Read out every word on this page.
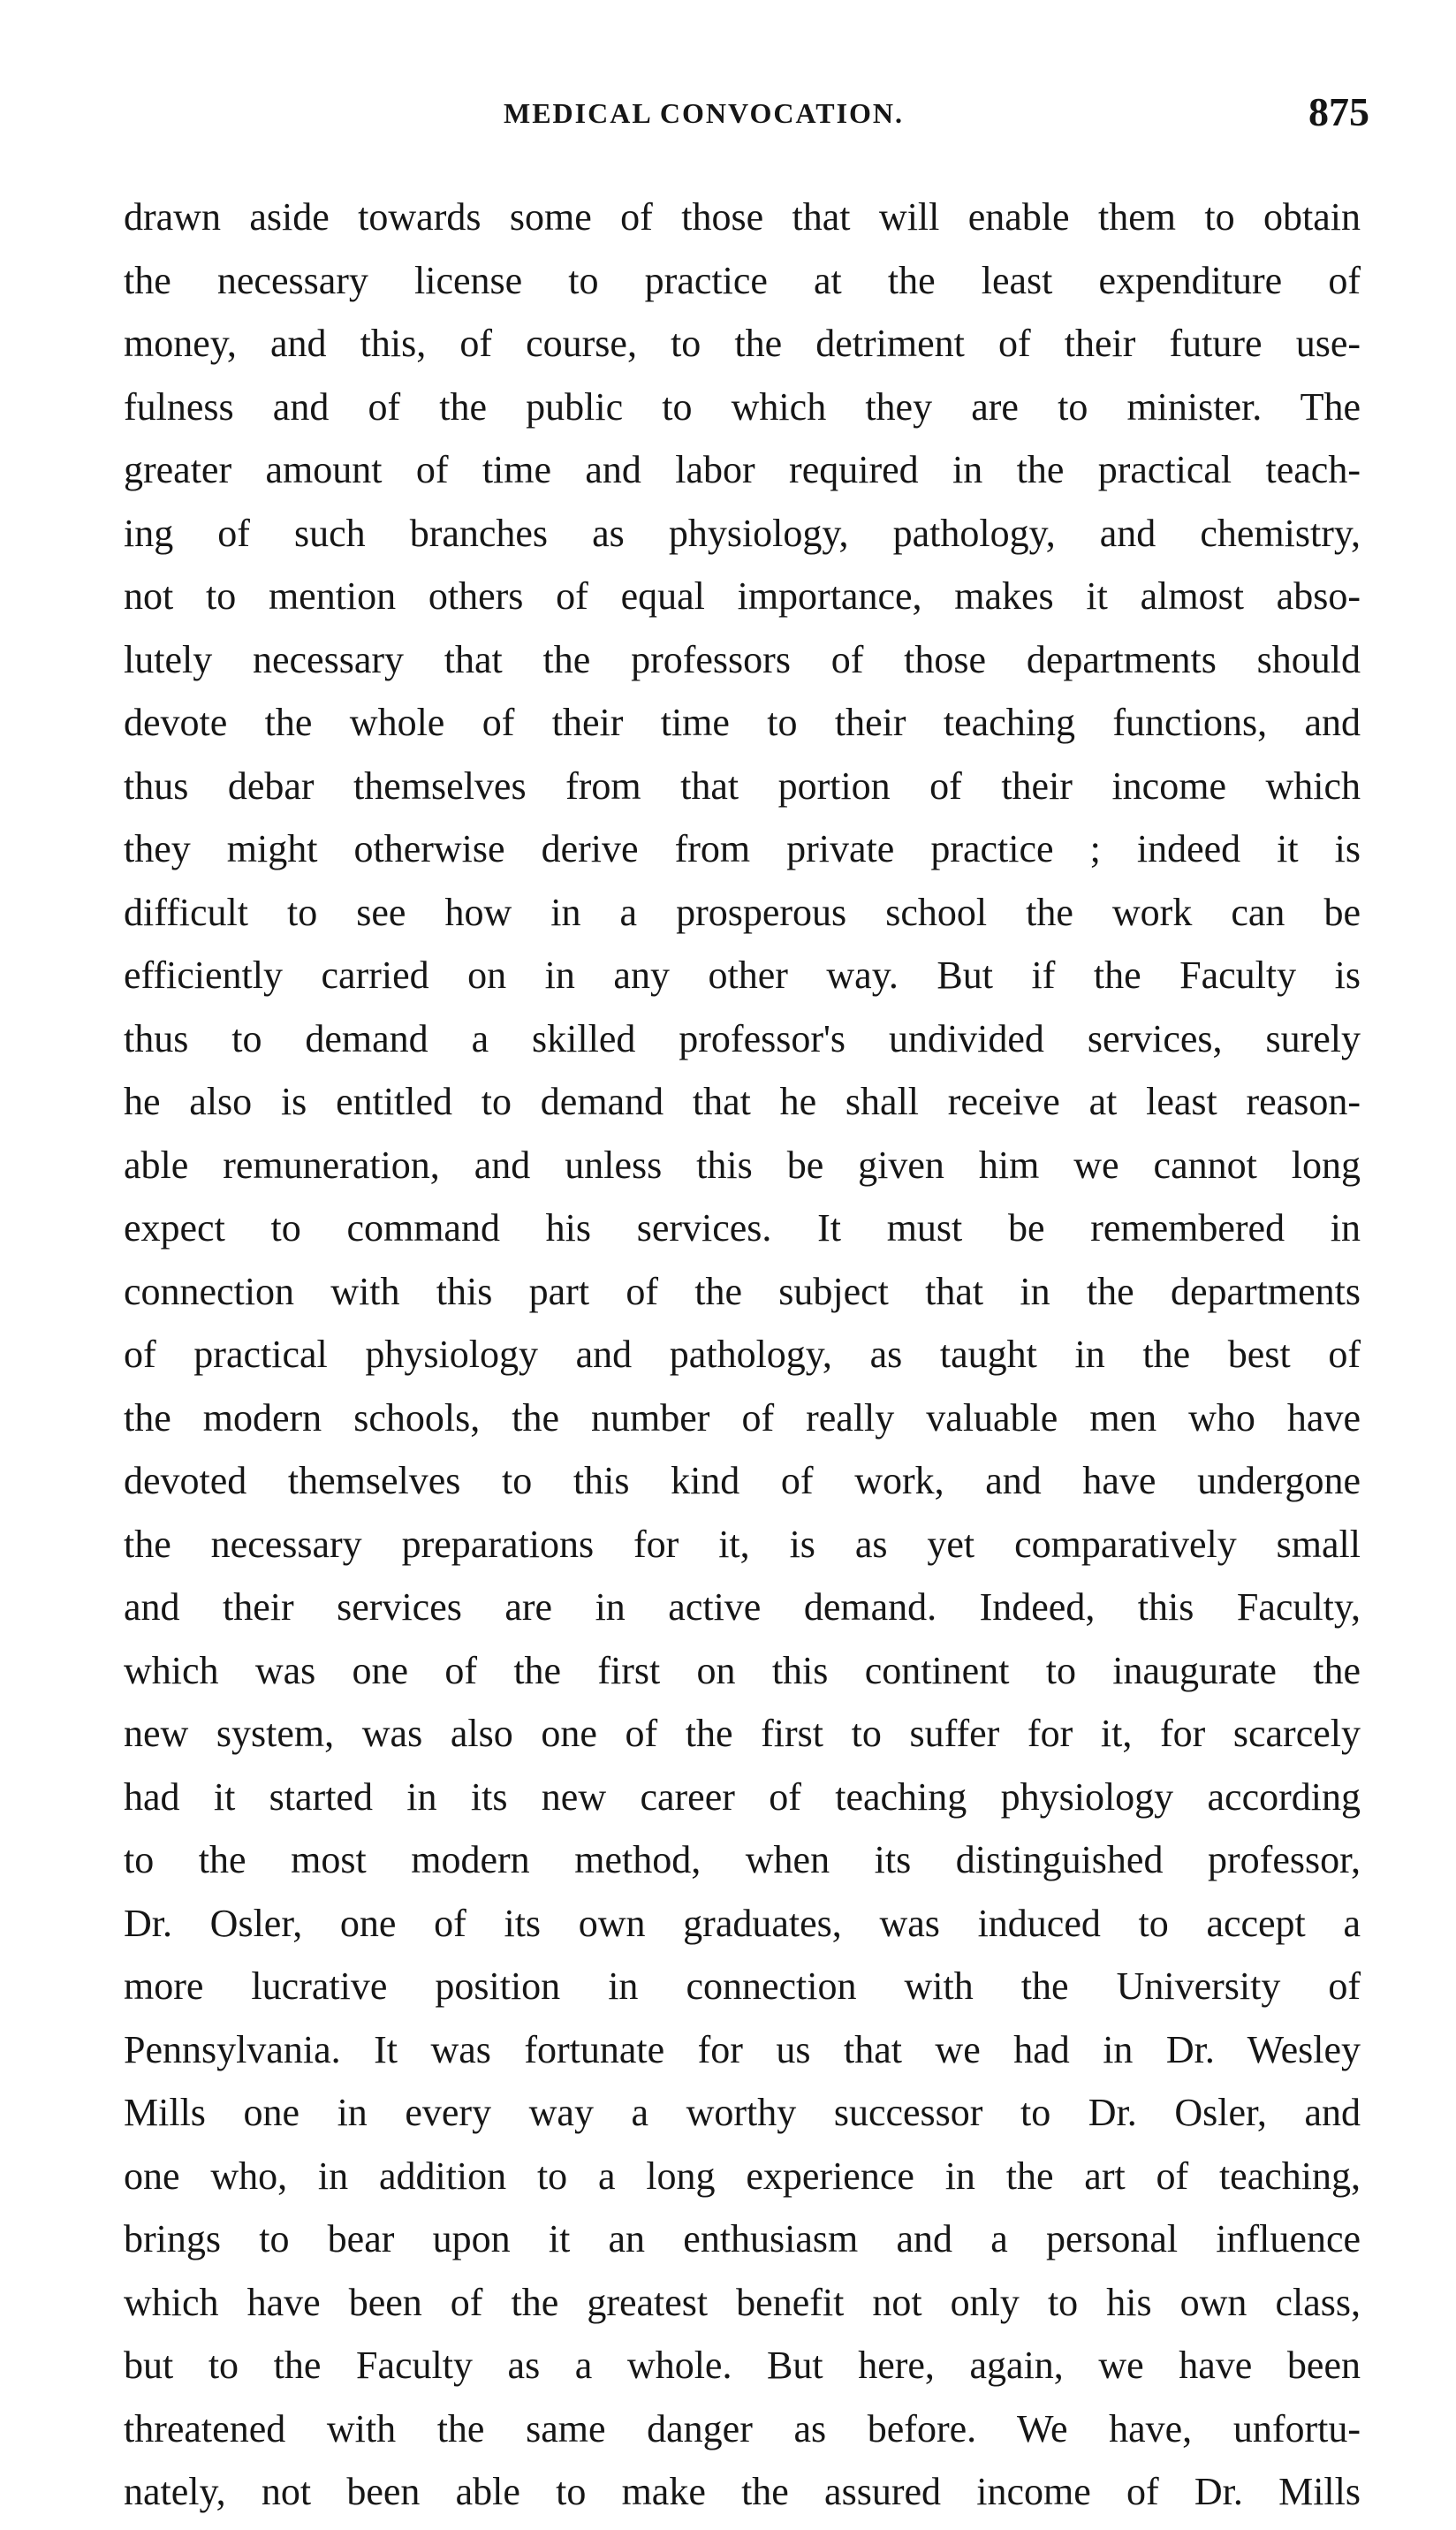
MEDICAL CONVOCATION.	875
drawn aside towards some of those that will enable them to obtain
the necessary license to practice at the least expenditure of
money, and this, of course, to the detriment of their future use-
fulness and of the public to which they are to minister. The
greater amount of time and labor required in the practical teach-
ing of such branches as physiology, pathology, and chemistry,
not to mention others of equal importance, makes it almost abso-
lutely necessary that the professors of those departments should
devote the whole of their time to their teaching functions, and
thus debar themselves from that portion of their income which
they might otherwise derive from private practice ; indeed it is
difficult to see how in a prosperous school the work can be
efficiently carried on in any other way. But if the Faculty is
thus to demand a skilled professor's undivided services, surely
he also is entitled to demand that he shall receive at least reason-
able remuneration, and unless this be given him we cannot long
expect to command his services. It must be remembered in
connection with this part of the subject that in the departments
of practical physiology and pathology, as taught in the best of
the modern schools, the number of really valuable men who have
devoted themselves to this kind of work, and have undergone
the necessary preparations for it, is as yet comparatively small
and their services are in active demand. Indeed, this Faculty,
which was one of the first on this continent to inaugurate the
new system, was also one of the first to suffer for it, for scarcely
had it started in its new career of teaching physiology according
to the most modern method, when its distinguished professor,
Dr. Osler, one of its own graduates, was induced to accept a
more lucrative position in connection with the University of
Pennsylvania. It was fortunate for us that we had in Dr. Wesley
Mills one in every way a worthy successor to Dr. Osler, and
one who, in addition to a long experience in the art of teaching,
brings to bear upon it an enthusiasm and a personal influence
which have been of the greatest benefit not only to his own class,
but to the Faculty as a whole. But here, again, we have been
threatened with the same danger as before. We have, unfortu-
nately, not been able to make the assured income of Dr. Mills
